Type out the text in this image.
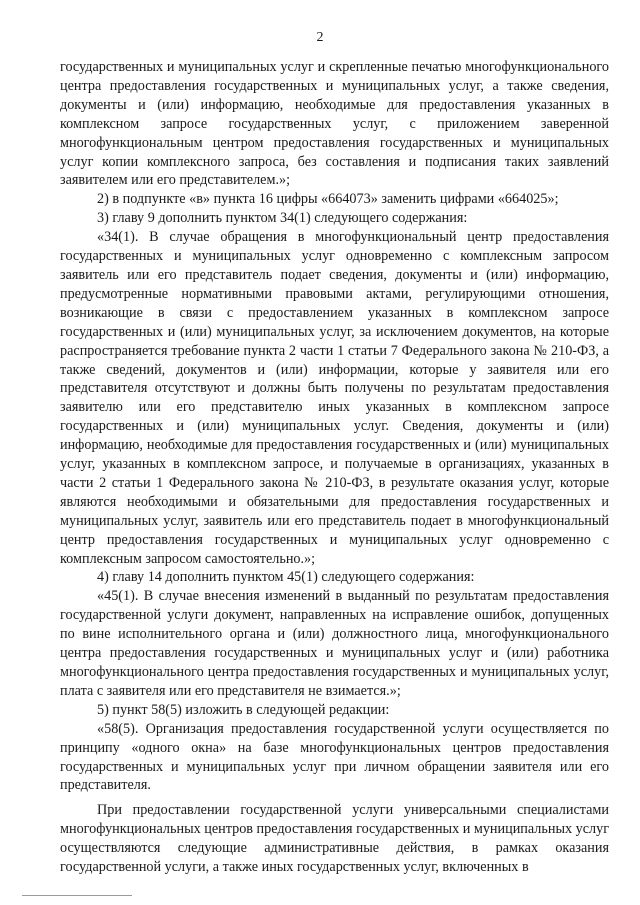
2

государственных и муниципальных услуг и скрепленные печатью многофункционального центра предоставления государственных и муниципальных услуг, а также сведения, документы и (или) информацию, необходимые для предоставления указанных в комплексном запросе государственных услуг, с приложением заверенной многофункциональным центром предоставления государственных и муниципальных услуг копии комплексного запроса, без составления и подписания таких заявлений заявителем или его представителем.»;

2) в подпункте «в» пункта 16 цифры «664073» заменить цифрами «664025»;

3) главу 9 дополнить пунктом 34(1) следующего содержания:

«34(1). В случае обращения в многофункциональный центр предоставления государственных и муниципальных услуг одновременно с комплексным запросом заявитель или его представитель подает сведения, документы и (или) информацию, предусмотренные нормативными правовыми актами, регулирующими отношения, возникающие в связи с предоставлением указанных в комплексном запросе государственных и (или) муниципальных услуг, за исключением документов, на которые распространяется требование пункта 2 части 1 статьи 7 Федерального закона № 210-ФЗ, а также сведений, документов и (или) информации, которые у заявителя или его представителя отсутствуют и должны быть получены по результатам предоставления заявителю или его представителю иных указанных в комплексном запросе государственных и (или) муниципальных услуг. Сведения, документы и (или) информацию, необходимые для предоставления государственных и (или) муниципальных услуг, указанных в комплексном запросе, и получаемые в организациях, указанных в части 2 статьи 1 Федерального закона № 210-ФЗ, в результате оказания услуг, которые являются необходимыми и обязательными для предоставления государственных и муниципальных услуг, заявитель или его представитель подает в многофункциональный центр предоставления государственных и муниципальных услуг одновременно с комплексным запросом самостоятельно.»;

4) главу 14 дополнить пунктом 45(1) следующего содержания:

«45(1). В случае внесения изменений в выданный по результатам предоставления государственной услуги документ, направленных на исправление ошибок, допущенных по вине исполнительного органа и (или) должностного лица, многофункционального центра предоставления государственных и муниципальных услуг и (или) работника многофункционального центра предоставления государственных и муниципальных услуг, плата с заявителя или его представителя не взимается.»;

5) пункт 58(5) изложить в следующей редакции:

«58(5). Организация предоставления государственной услуги осуществляется по принципу «одного окна» на базе многофункциональных центров предоставления государственных и муниципальных услуг при личном обращении заявителя или его представителя.

При предоставлении государственной услуги универсальными специалистами многофункциональных центров предоставления государственных и муниципальных услуг осуществляются следующие административные действия, в рамках оказания государственной услуги, а также иных государственных услуг, включенных в
